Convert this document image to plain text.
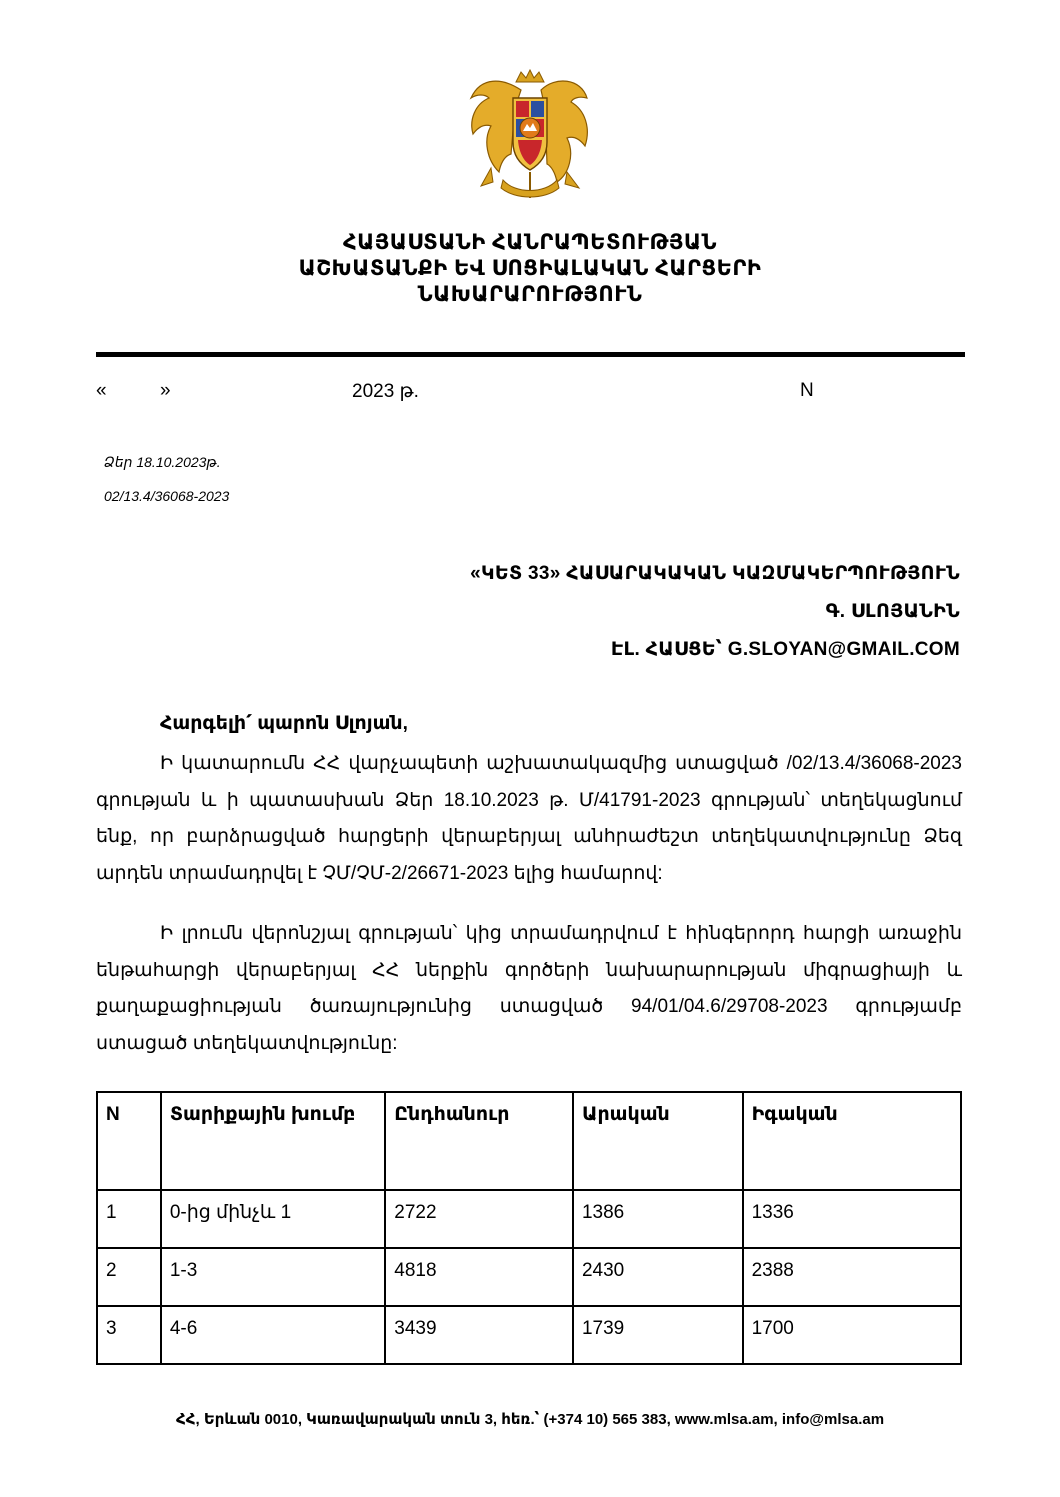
ՀԱՅԱՍՏԱՆԻ ՀԱՆՐԱՊԵՏՈՒԹՅԱՆ
ԱՇԽԱՏԱՆՔԻ ԵՎ ՍՈՑԻԱԼԱԿԱՆ ՀԱՐՑԵՐԻ
ՆԱԽԱՐԱՐՈՒԹՅՈՒՆ
«	»	2023 թ.	N
Ձեր 18.10.2023թ.
02/13.4/36068-2023
«ԿԵՏ 33» ՀԱՍԱՐԱԿԱԿԱՆ ԿԱԶՄԱԿԵՐՊՈՒԹՅՈՒՆ
Գ. ՍԼՈՅԱՆԻՆ
ԷԼ. ՀԱՍՑԵ՝ G.SLOYAN@GMAIL.COM
Հարգելի՛ պարոն Սլոյան,
Ի կատարումն ՀՀ վարչապետի աշխատակազմից ստացված /02/13.4/36068-2023
գրության և ի պատասխան Ձեր 18.10.2023 թ. Մ/41791-2023 գրության՝ տեղեկացնում
ենք, որ բարձրացված հարցերի վերաբերյալ անհրաժեշտ տեղեկատվությունը Ձեզ
արդեն տրամադրվել է ՉՄ/ՉՄ-2/26671-2023 ելից համարով:
Ի լրումն վերոնշյալ գրության՝ կից տրամադրվում է հինգերորդ հարցի առաջին
ենթահարցի վերաբերյալ ՀՀ ներքին գործերի նախարարության միգրացիայի և
քաղաքացիության ծառայությունից ստացված 94/01/04.6/29708-2023 գրությամբ
ստացած տեղեկատվությունը:
N	Տարիքային խումբ	Ընդհանուր	Արական	Իգական
1	0-ից մինչև 1	2722	1386	1336
2	1-3	4818	2430	2388
3	4-6	3439	1739	1700
ՀՀ, Երևան 0010, Կառավարական տուն 3, հեռ.՝ (+374 10) 565 383, www.mlsa.am, info@mlsa.am
